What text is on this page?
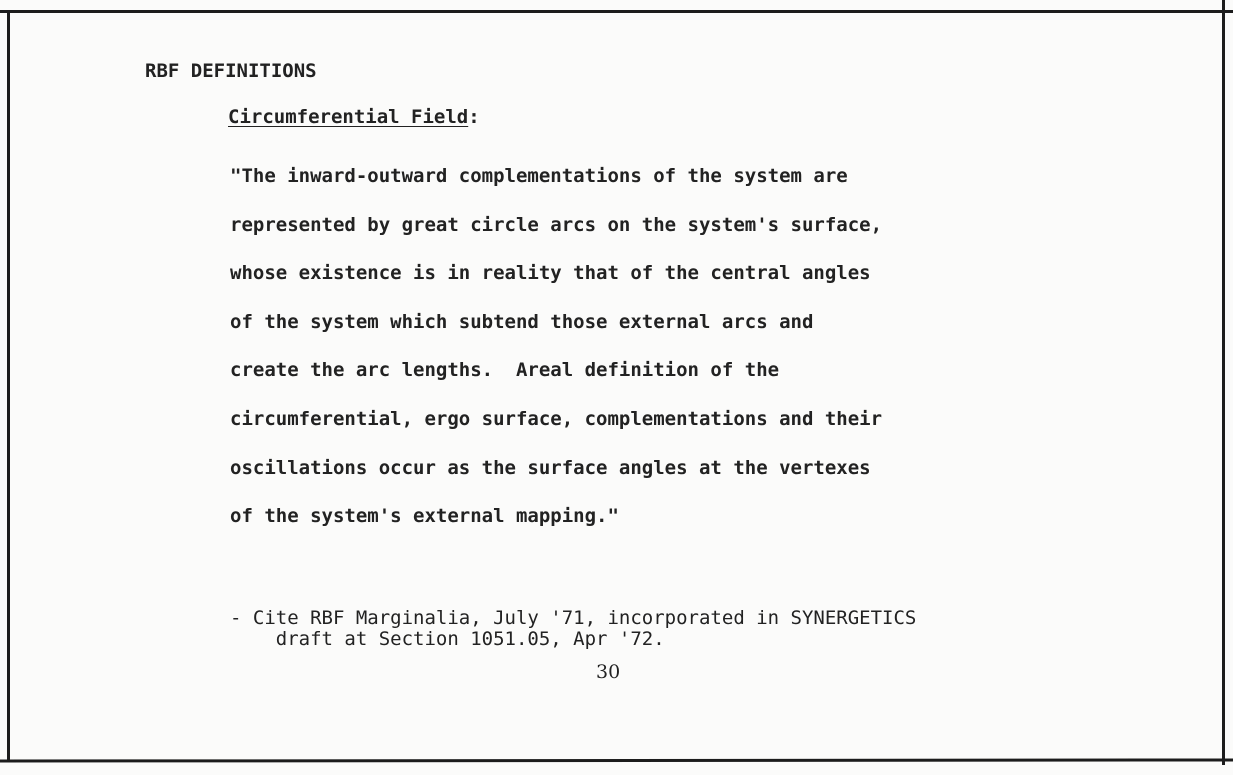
RBF DEFINITIONS
Circumferential Field:
"The inward-outward complementations of the system are
represented by great circle arcs on the system's surface,
whose existence is in reality that of the central angles
of the system which subtend those external arcs and
create the arc lengths.  Areal definition of the
circumferential, ergo surface, complementations and their
oscillations occur as the surface angles at the vertexes
of the system's external mapping."
- Cite RBF Marginalia, July '71, incorporated in SYNERGETICS
draft at Section 1051.05, Apr '72.
30
